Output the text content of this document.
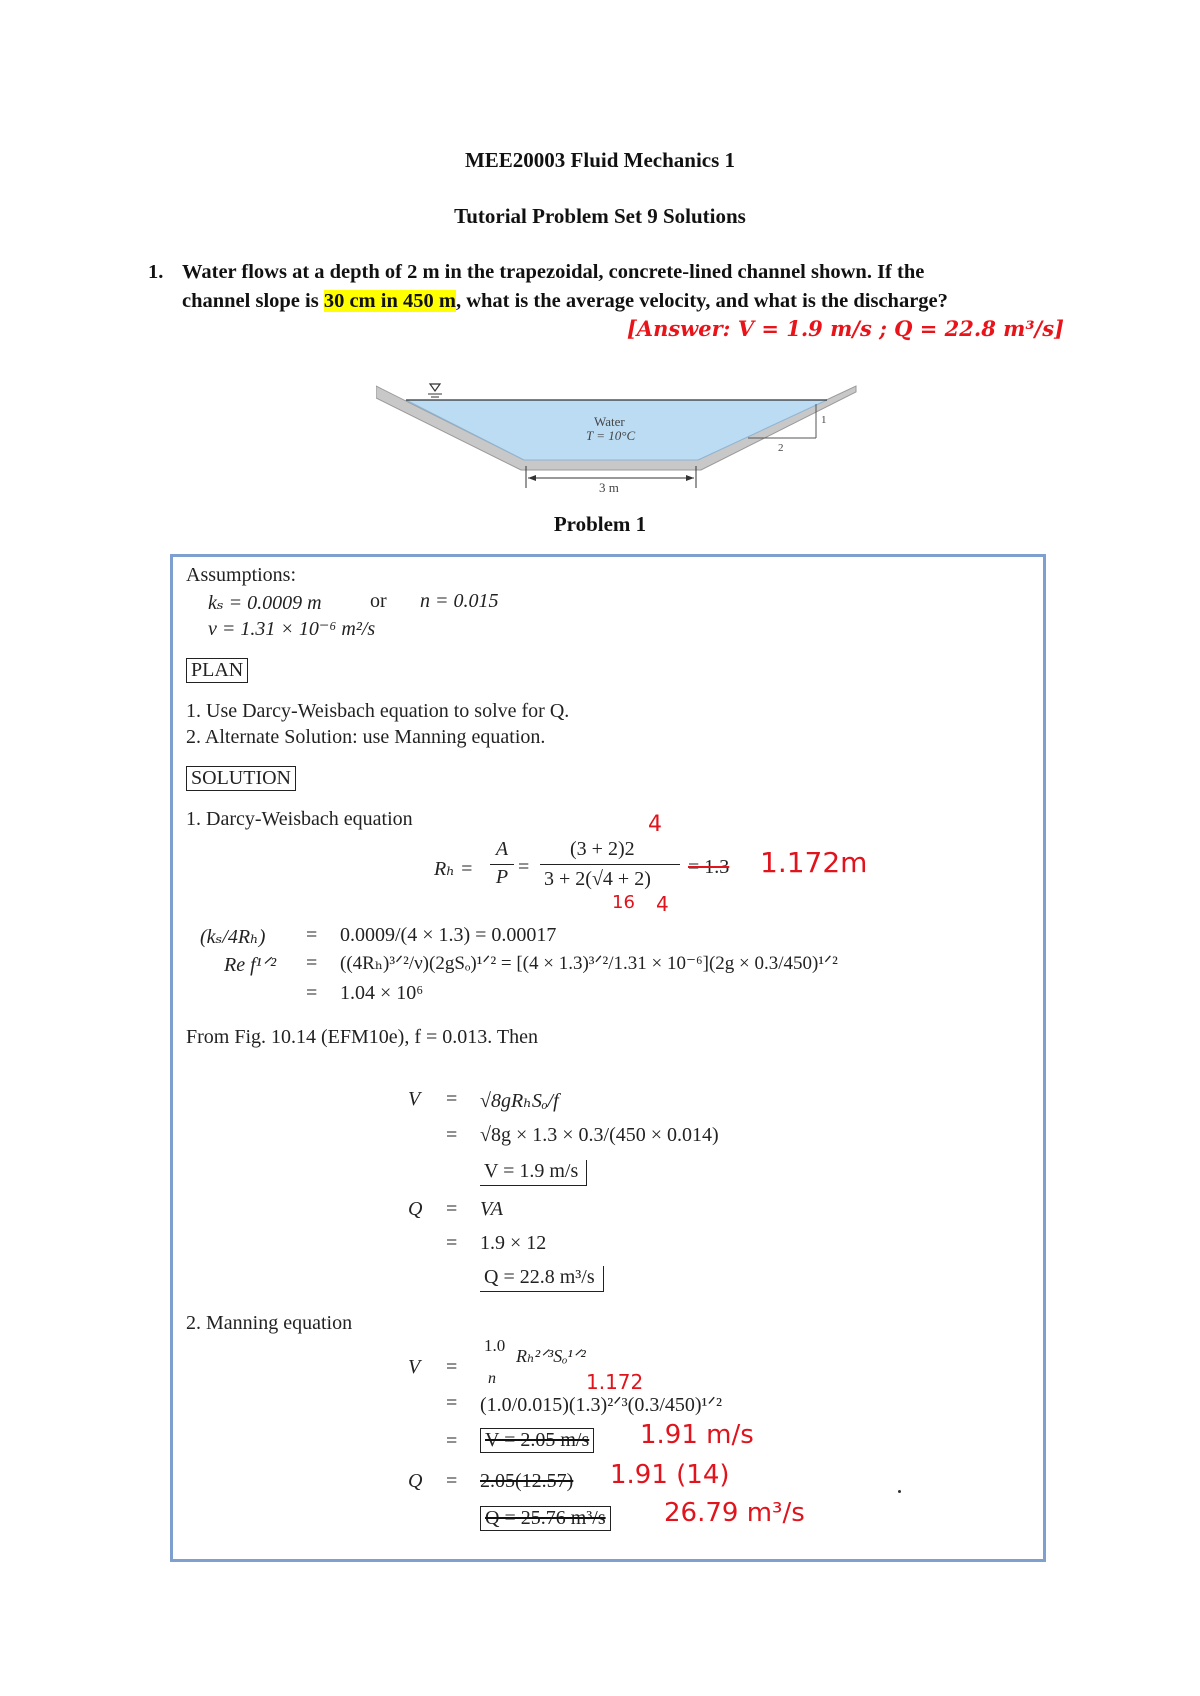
MEE20003 Fluid Mechanics 1
Tutorial Problem Set 9 Solutions
1. Water flows at a depth of 2 m in the trapezoidal, concrete-lined channel shown. If the
channel slope is 30 cm in 450 m, what is the average velocity, and what is the discharge?
[Answer: V = 1.9 m/s ; Q = 22.8 m³/s]
Water
T = 10°C
3 m
1
2
Problem 1
Assumptions:
kₛ = 0.0009 m or n = 0.015
ν = 1.31 × 10⁻⁶ m²/s
PLAN
1. Use Darcy-Weisbach equation to solve for Q.
2. Alternate Solution: use Manning equation.
SOLUTION
1. Darcy-Weisbach equation
Rₕ =
A
P =
(3 + 2)2
3 + 2(√4 + 2)
= 1.3
4
16 4
1.172m
(kₛ/4Rₕ) = 0.0009/(4 × 1.3) = 0.00017
Re f¹ᐟ² = ((4Rₕ)³ᐟ²/ν)(2gSₒ)¹ᐟ² = [(4 × 1.3)³ᐟ²/1.31 × 10⁻⁶](2g × 0.3/450)¹ᐟ²
= 1.04 × 10⁶
From Fig. 10.14 (EFM10e), f = 0.013. Then
V = √8gRₕSₒ/f
= √8g × 1.3 × 0.3/(450 × 0.014)
V = 1.9 m/s
Q = VA
= 1.9 × 12
Q = 22.8 m³/s
2. Manning equation
V =
1.0
n
Rₕ²ᐟ³Sₒ¹ᐟ²
1.172
= (1.0/0.015)(1.3)²ᐟ³(0.3/450)¹ᐟ²
= V = 2.05 m/s 1.91 m/s
Q = 2.05(12.57) 1.91 (14)
Q = 25.76 m³/s 26.79 m³/s
